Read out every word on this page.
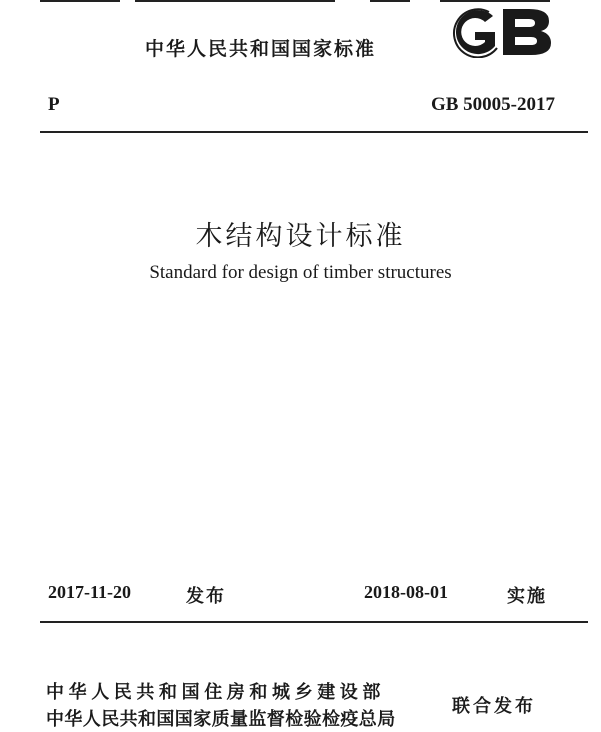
中华人民共和国国家标准
P	GB 50005-2017
木结构设计标准
Standard for design of timber structures
2017-11-20	发布	2018-08-01	实施
中华人民共和国住房和城乡建设部
中华人民共和国国家质量监督检验检疫总局
联合发布
